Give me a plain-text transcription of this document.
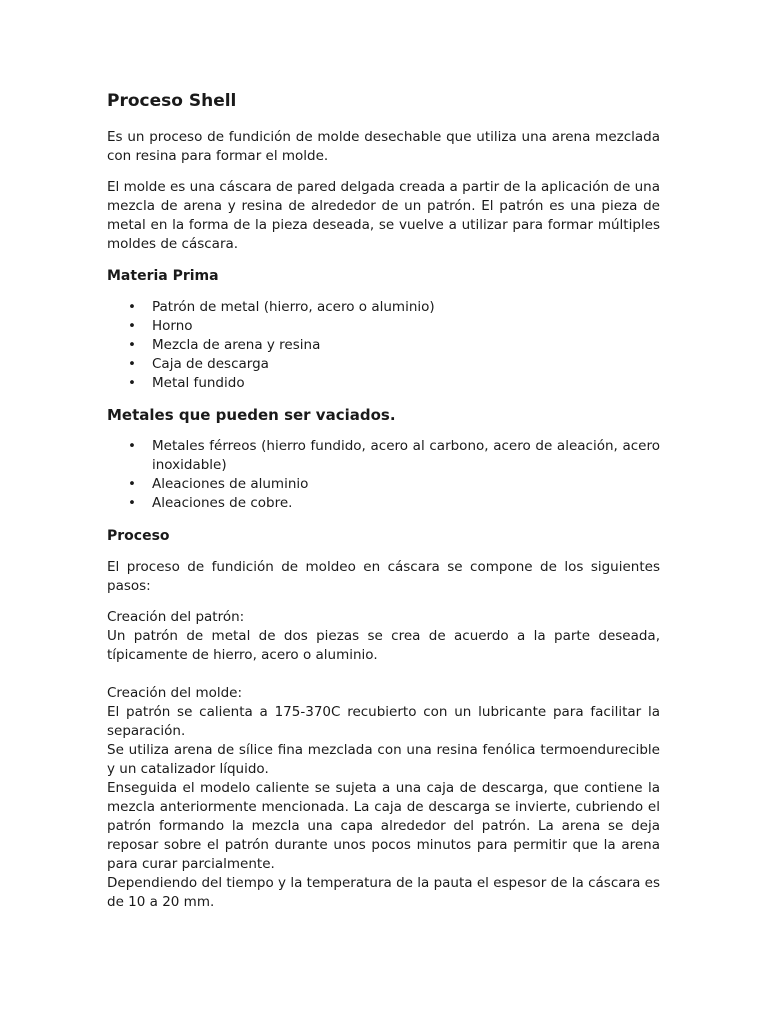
Proceso Shell

Es un proceso de fundición de molde desechable que utiliza una arena mezclada con resina para formar el molde.

El molde es una cáscara de pared delgada creada a partir de la aplicación de una mezcla de arena y resina de alrededor de un patrón. El patrón es una pieza de metal en la forma de la pieza deseada, se vuelve a utilizar para formar múltiples moldes de cáscara.

Materia Prima
• Patrón de metal (hierro, acero o aluminio)
• Horno
• Mezcla de arena y resina
• Caja de descarga
• Metal fundido
Metales que pueden ser vaciados.
• Metales férreos (hierro fundido, acero al carbono, acero de aleación, acero inoxidable)
• Aleaciones de aluminio
• Aleaciones de cobre.
Proceso

El proceso de fundición de moldeo en cáscara se compone de los siguientes pasos:

Creación del patrón:

Un patrón de metal de dos piezas se crea de acuerdo a la parte deseada, típicamente de hierro, acero o aluminio.

Creación del molde:

El patrón se calienta a 175-370C recubierto con un lubricante para facilitar la separación.

Se utiliza arena de sílice fina mezclada con una resina fenólica termoendurecible y un catalizador líquido.

Enseguida el modelo caliente se sujeta a una caja de descarga, que contiene la mezcla anteriormente mencionada. La caja de descarga se invierte, cubriendo el patrón formando la mezcla una capa alrededor del patrón. La arena se deja reposar sobre el patrón durante unos pocos minutos para permitir que la arena para curar parcialmente.

Dependiendo del tiempo y la temperatura de la pauta el espesor de la cáscara es de 10 a 20 mm.
